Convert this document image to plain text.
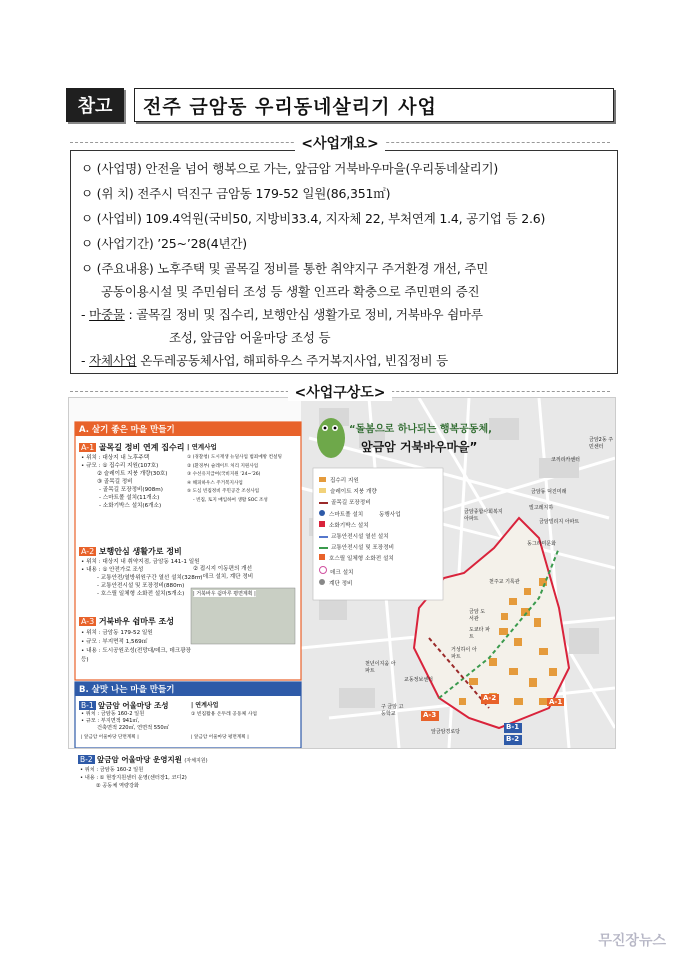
참고	전주 금암동 우리동네살리기 사업
<사업개요>
ㅇ (사업명) 안전을 넘어 행복으로 가는, 앞금암 거북바우마을(우리동네살리기)
ㅇ (위 치) 전주시 덕진구 금암동 179-52 일원(86,351㎡)
ㅇ (사업비) 109.4억원(국비50, 지방비33.4, 지자체 22, 부처연계 1.4, 공기업 등 2.6)
ㅇ (사업기간) ’25~’28(4년간)
ㅇ (주요내용) 노후주택 및 골목길 정비를 통한 취약지구 주거환경 개선, 주민
공동이용시설 및 주민쉼터 조성 등 생활 인프라 확충으로 주민편의 증진
- 마중물 : 골목길 정비 및 집수리, 보행안심 생활가로 정비, 거북바우 쉼마루
조성, 앞금암 어울마당 조성 등
- 자체사업 온두레공동체사업, 해피하우스 주거복지사업, 빈집정비 등
<사업구상도>
A. 살기 좋은 마을 만들기
A-1 골목길 정비 연계 집수리
• 위치 : 대상지 내 노후주택
• 규모 : ① 집수리 지원(107호)
② 슬레이트 지붕 개량(30호)
③ 골목길 정비
- 골목길 포장정비(908m)
- 스마트폴 설치(11개소)
- 소화기박스 설치(6개소)
| 연계사업
① (경찰청) 도시재생 뉴딜사업 범죄예방 컨설팅
② (환경부) 슬레이트 처리 지원사업
③ 수선유지급여(국비지원 ’24~’26)
④ 해피하우스 주거복지사업
⑤ 도심 빈집정비 주민공간 조성사업
- 빈집, 토지 매입하여 생활 SOC 조성
A-2 보행안심 생활가로 정비
• 위치 : 대상지 내 취약지점, 금암동 141-1 일원
• 내용 : ① 안전가로 조성
- 교통안전/열방위원구간 열선 설치(328m)
- 교통안전시설 및 포장정비(880m)
- 호스릴 일체형 소화전 설치(5개소)
② 접시지 이동편의 개선
- 데크 설치, 계단 정비
| 거북바우 쉼마루 평면계획 |
A-3 거북바우 쉼마루 조성
• 위치 : 금암동 179-52 일원
• 규모 : 부지면적 1,569㎡
• 내용 : 도시공원조성(전망대/데크, 데크광장 등)
B. 살맛 나는 마을 만들기
B-1 앞금암 어울마당 조성
• 위치 : 금암동 160-2 일원
• 규모 : 부지면적 941㎡,
건축면적 220㎡, 연면적 550㎡
| 연계사업
① 빈집활용 온두레 공동체 사업
| 앞금암 어울마당 단면계획 |	| 앞금암 어울마당 평면계획 |
“돌봄으로 하나되는 행복공동체,
앞금암 거북바우마을”
집수리 지원
슬레이트 지붕 개량
골목길 포장정비
스마트폴 설치	동행사업
소화기박스 설치
교통안전시설 열선 설치
교통안전시설 및 포장정비
호스릴 일체형 소화전 설치
데크 설치
계단 정비
금암2동 주민센터
코끼리카센터
금암동 덕진미래
금암종합사회복지 아파트
빌고레지하
금암빌리지 아파트
동그라미문화
천주교 기록관
금암 도서관
교동정보센터
구 금암 고등학교
천년이지움 아파트
거성하이 아파트
도쿄타 파트
앞금암경로당
A-2
A-3
B-1
B-2
A-1
B-2 앞금암 어울마당 운영지원 (자체지원)
• 위치 : 금암동 160-2 일원
• 내용 : ① 현장지원센터 운영(센터장1, 코디2)
② 공동체 역량강화
무진장뉴스
